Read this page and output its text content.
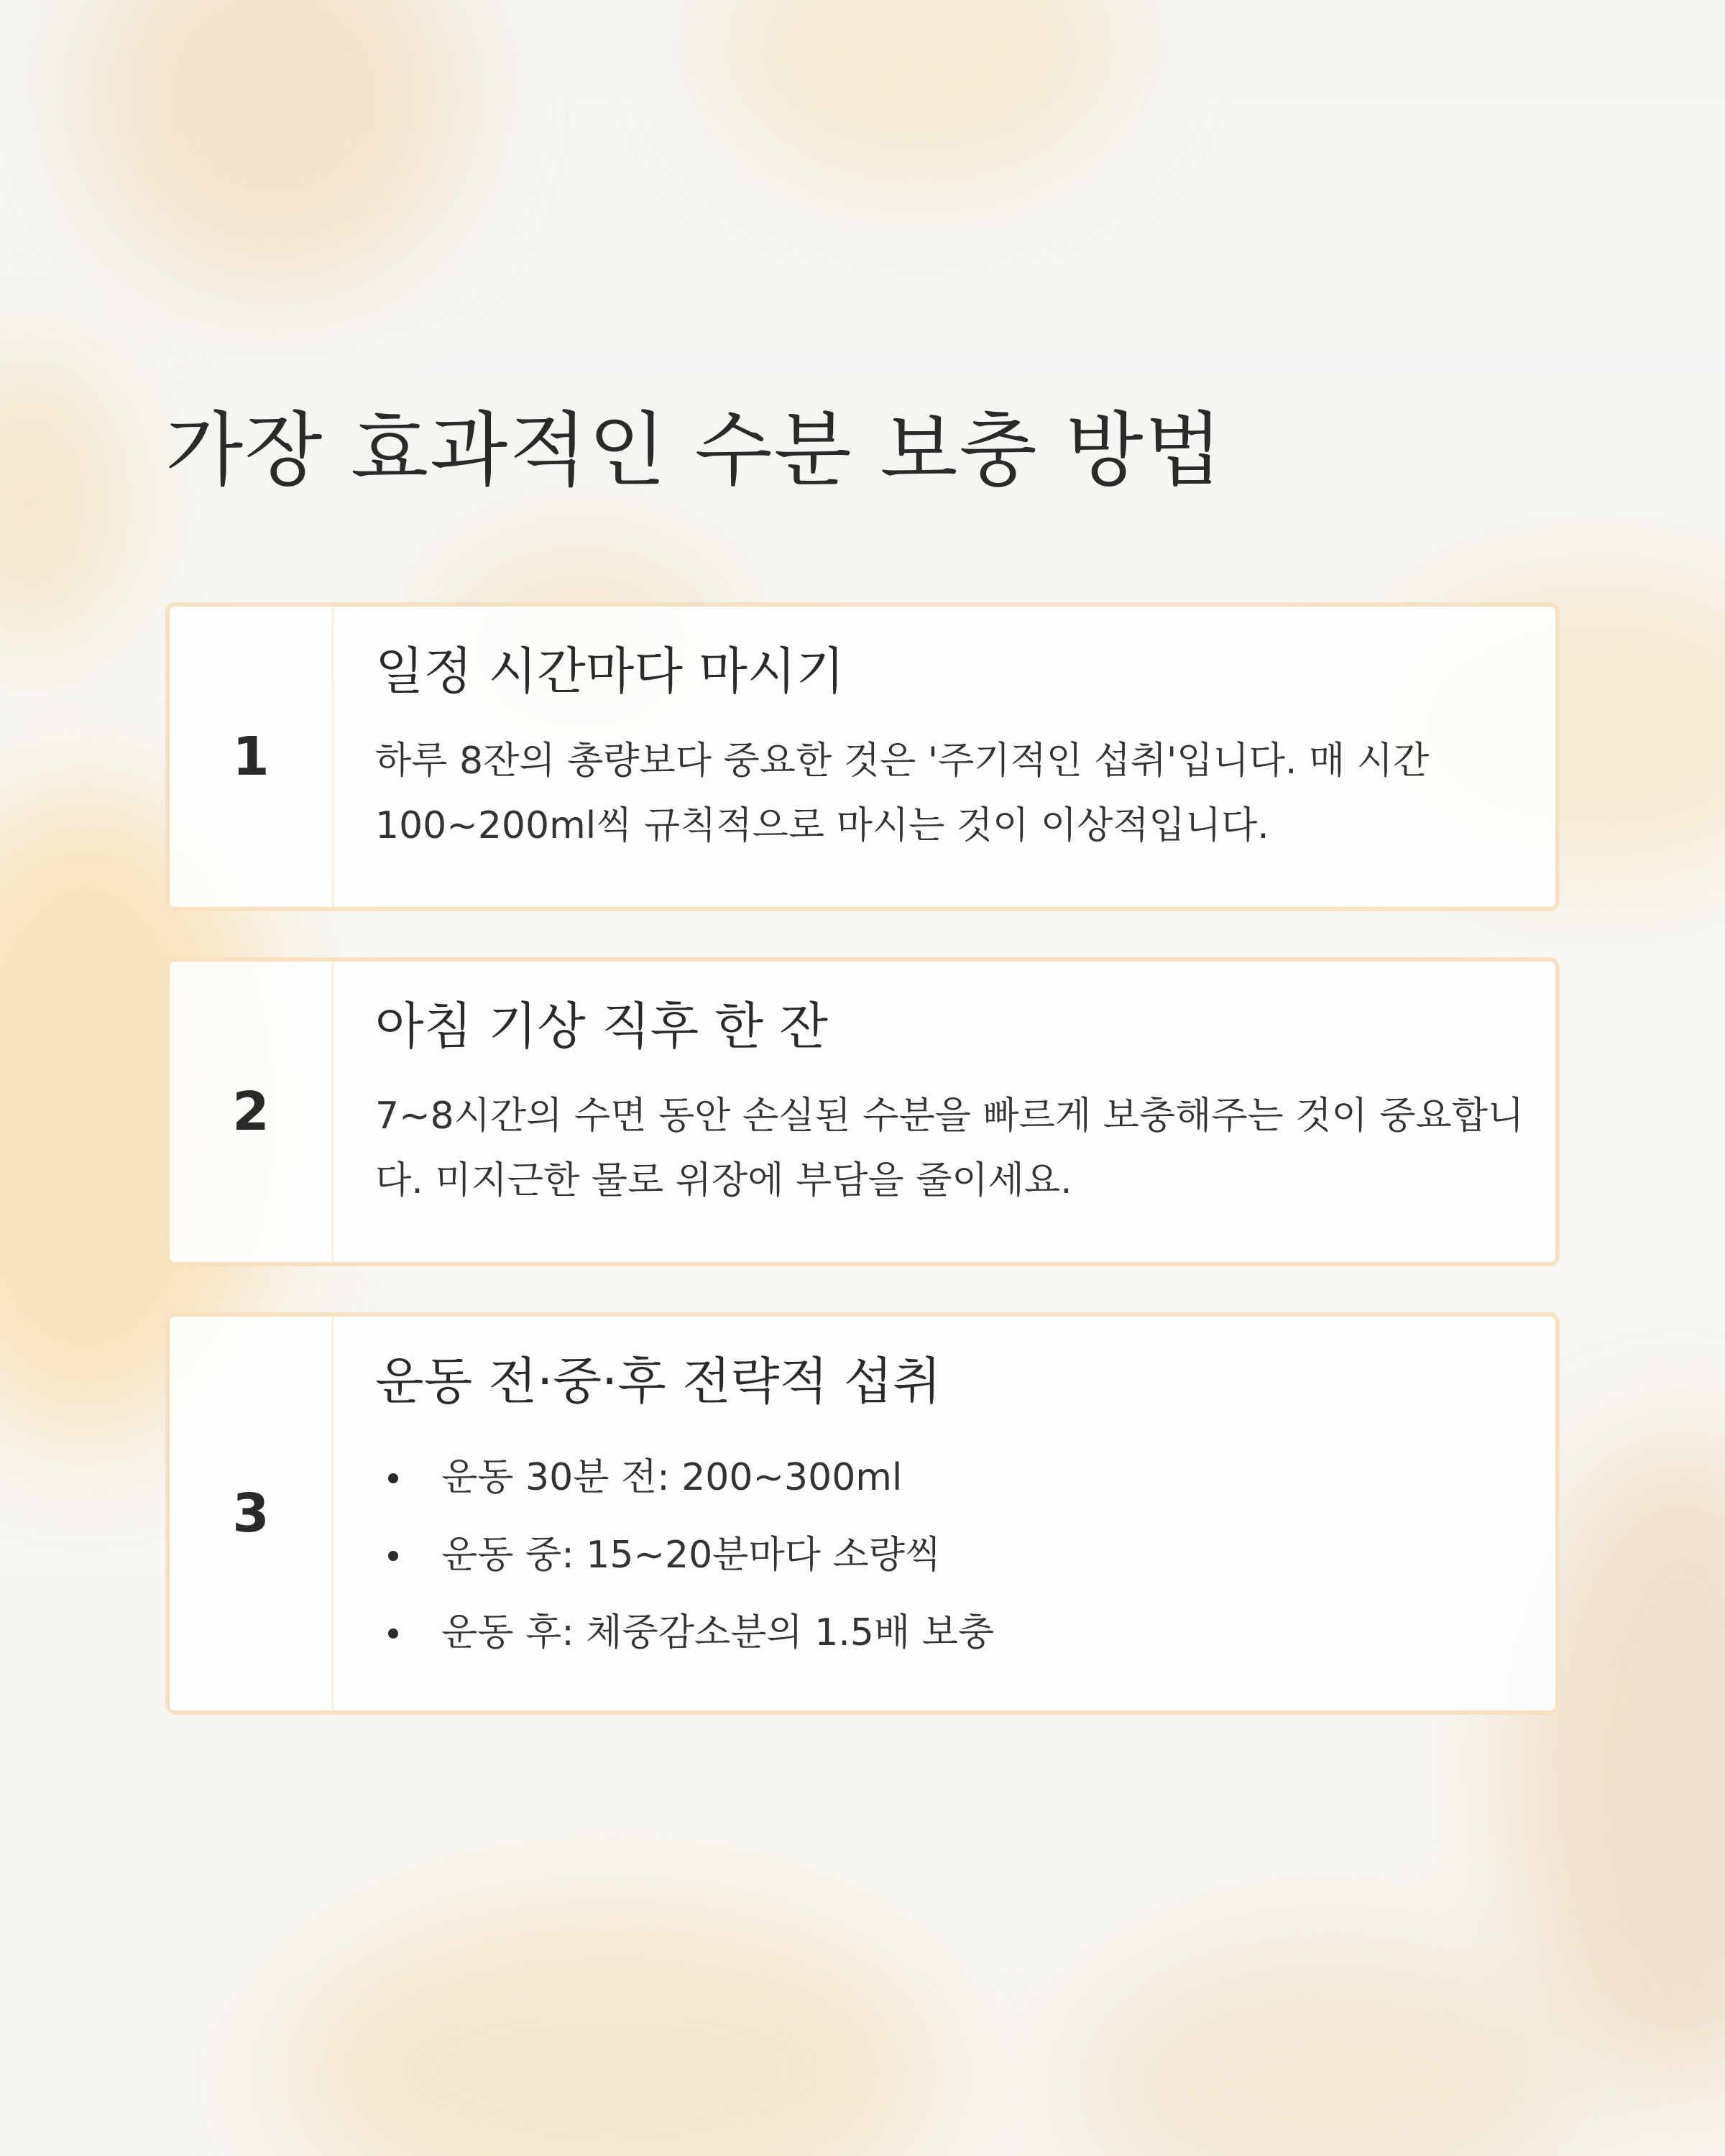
가장 효과적인 수분 보충 방법
1
일정 시간마다 마시기

하루 8잔의 총량보다 중요한 것은 '주기적인 섭취'입니다. 매 시간 100~200ml씩 규칙적으로 마시는 것이 이상적입니다.

2
아침 기상 직후 한 잔

7~8시간의 수면 동안 손실된 수분을 빠르게 보충해주는 것이 중요합니다. 미지근한 물로 위장에 부담을 줄이세요.

3
운동 전·중·후 전략적 섭취
운동 30분 전: 200~300ml
운동 중: 15~20분마다 소량씩
운동 후: 체중감소분의 1.5배 보충
